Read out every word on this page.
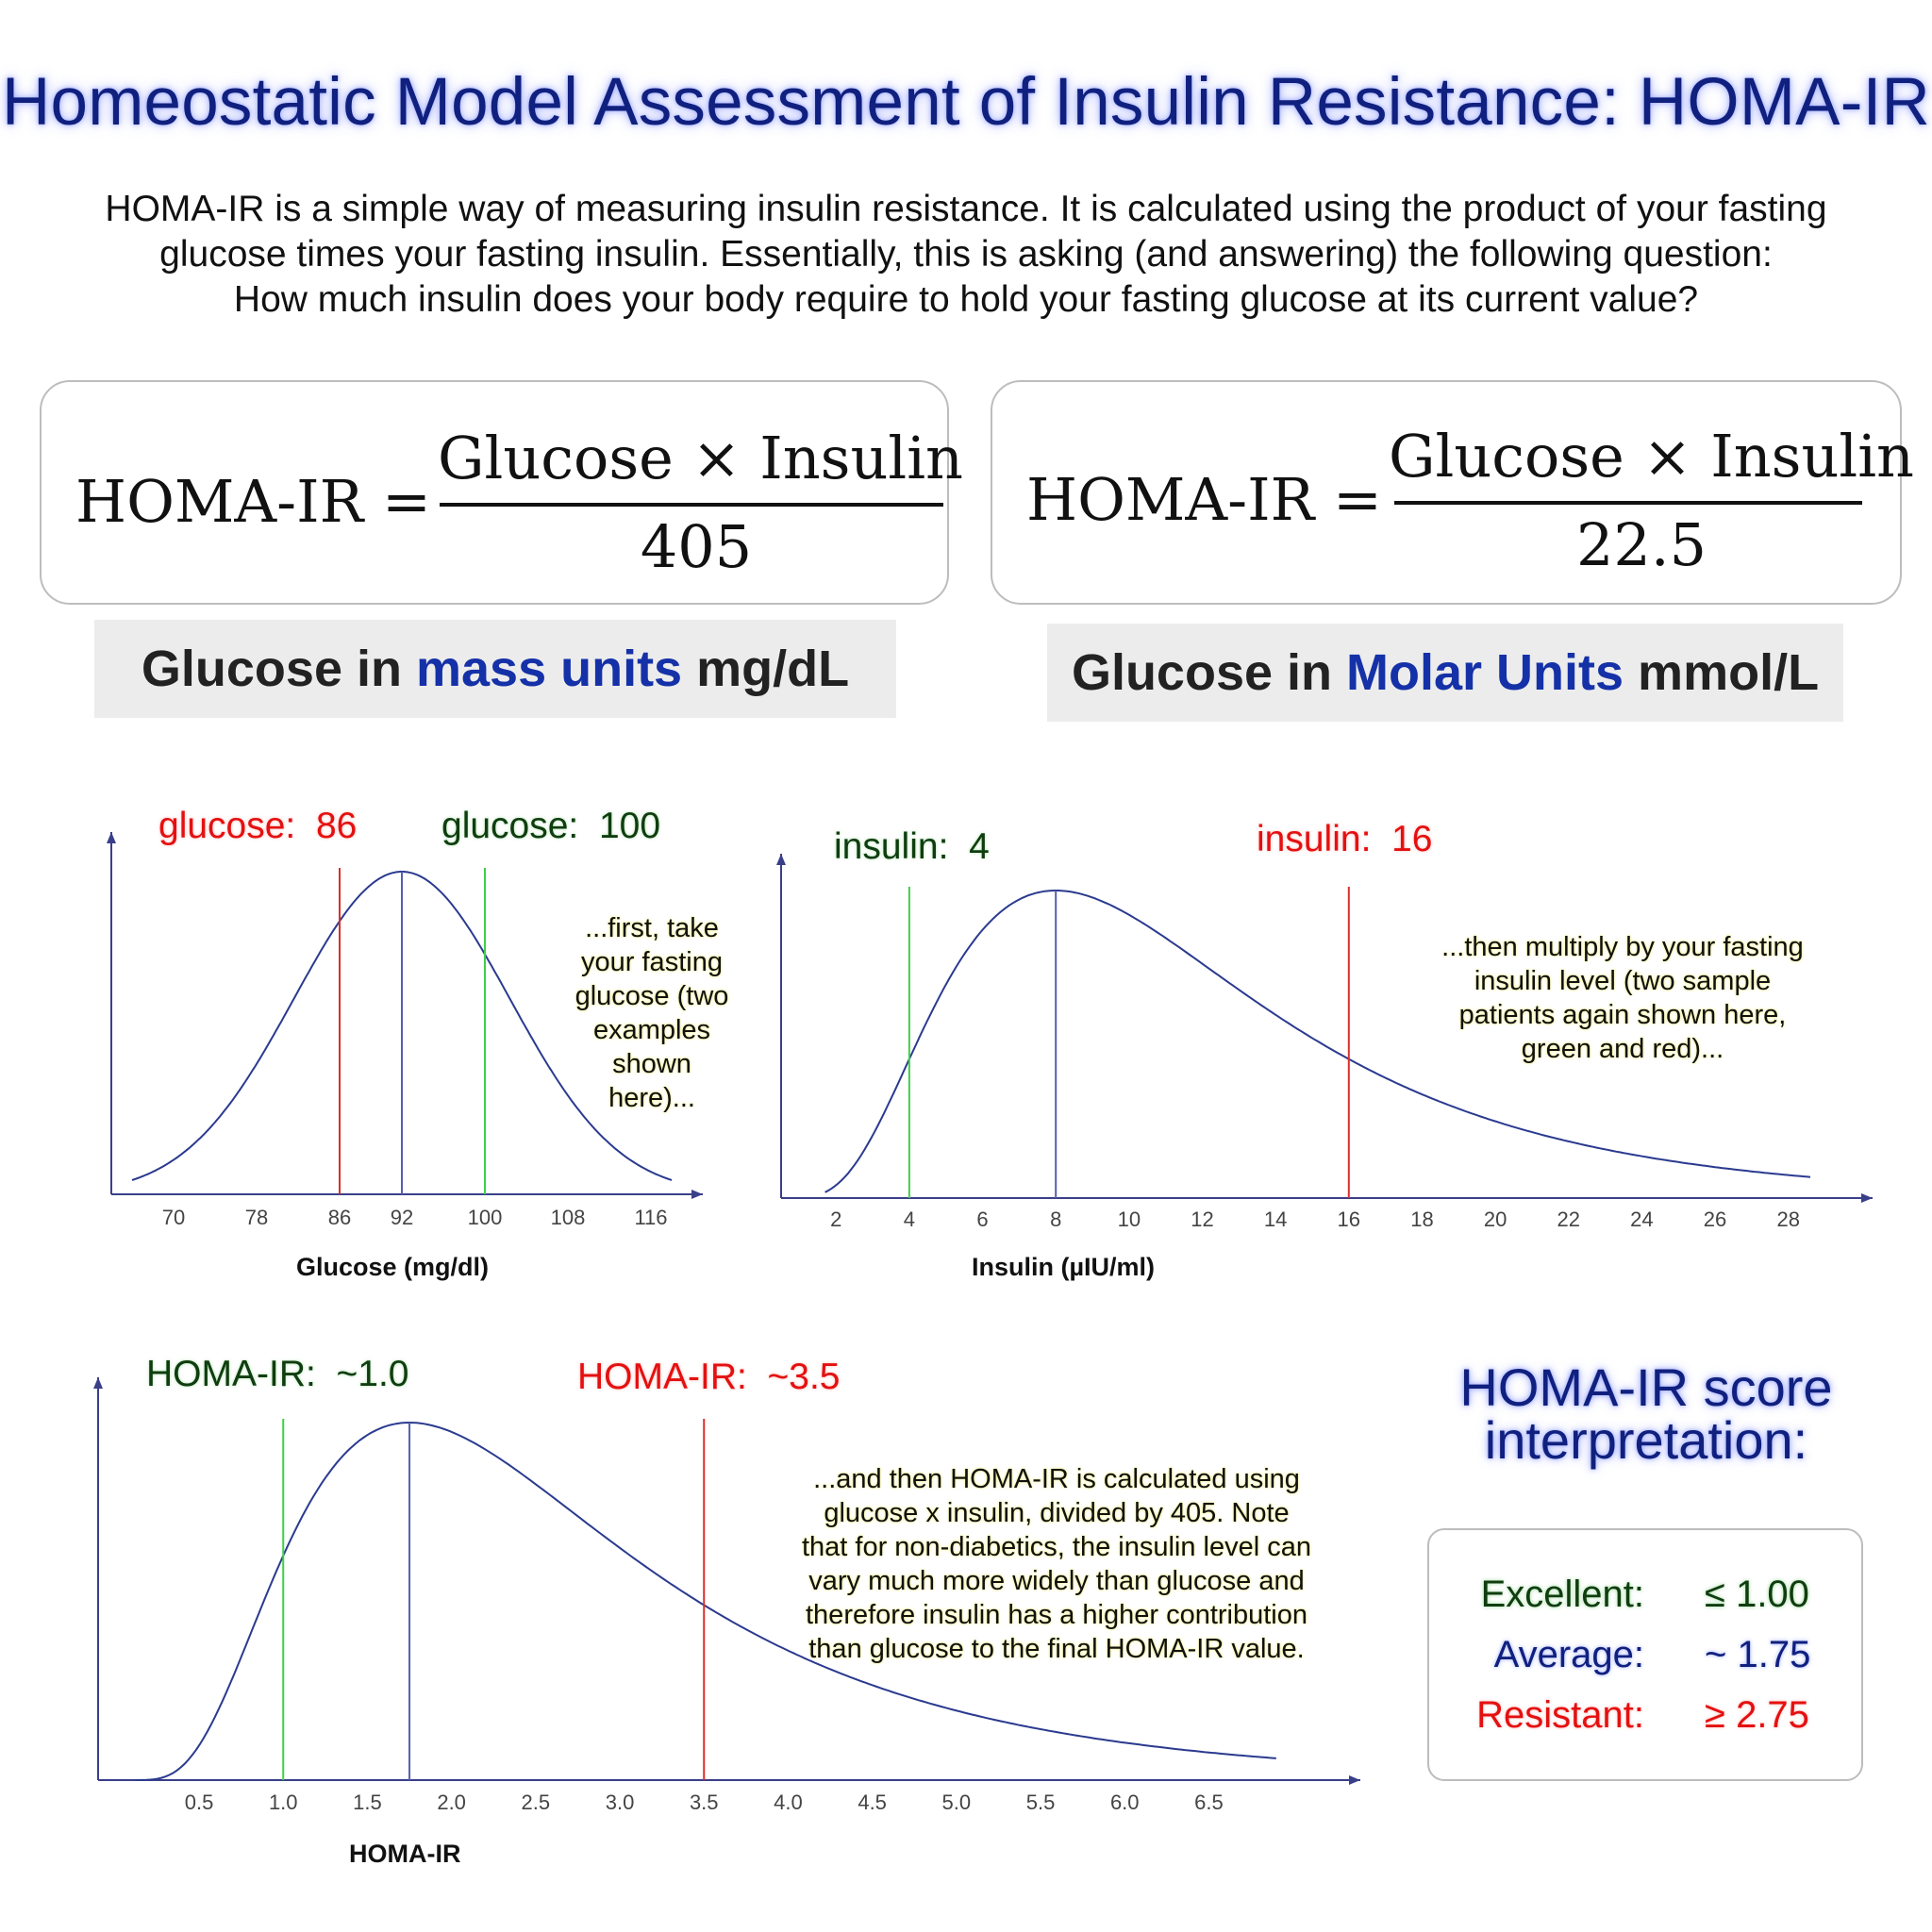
Homeostatic Model Assessment of Insulin Resistance: HOMA-IR
HOMA-IR is a simple way of measuring insulin resistance. It is calculated using the product of your fasting
glucose times your fasting insulin. Essentially, this is asking (and answering) the following question:
How much insulin does your body require to hold your fasting glucose at its current value?
HOMA-IR =
Glucose × Insulin
405
HOMA-IR =
Glucose × Insulin
22.5
Glucose in mass units mg/dL	Glucose in Molar Units mmol/L
glucose: 86 glucose: 100
70	78	86 92	100 108 116
...first, take
your fasting
glucose (two
examples
shown
here)...
Glucose (mg/dl)
insulin: 4	insulin: 16
2	4	6	8	10 12 14 16 18 20 22 24 26 28
...then multiply by your fasting
insulin level (two sample
patients again shown here,
green and red)...
Insulin (µIU/ml)
HOMA-IR: ~1.0	HOMA-IR: ~3.5
0.5	1.0	1.5	2.0	2.5	3.0	3.5	4.0	4.5	5.0	5.5	6.0	6.5
...and then HOMA-IR is calculated using
glucose x insulin, divided by 405. Note
that for non-diabetics, the insulin level can
vary much more widely than glucose and
therefore insulin has a higher contribution
than glucose to the final HOMA-IR value.
HOMA-IR
HOMA-IR score
interpretation:
Excellent: ≤ 1.00
Average: ~ 1.75
Resistant: ≥ 2.75
